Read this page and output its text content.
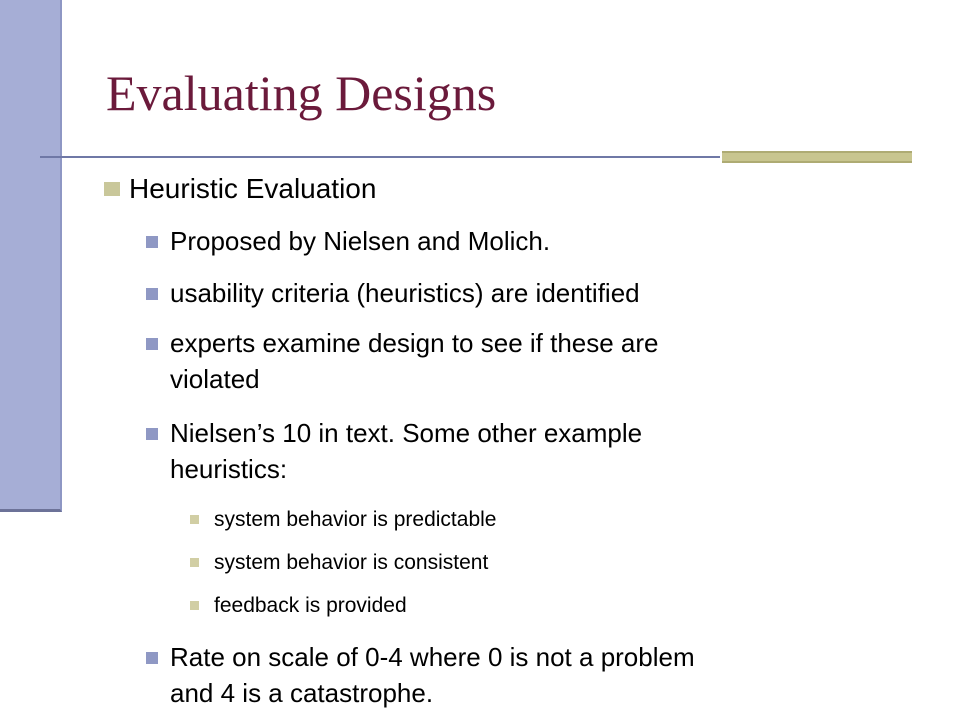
Evaluating Designs
Heuristic Evaluation
Proposed by Nielsen and Molich.
usability criteria (heuristics) are identified
experts examine design to see if these are
violated
Nielsen’s 10 in text. Some other example
heuristics:
system behavior is predictable
system behavior is consistent
feedback is provided
Rate on scale of 0-4 where 0 is not a problem
and 4 is a catastrophe.
